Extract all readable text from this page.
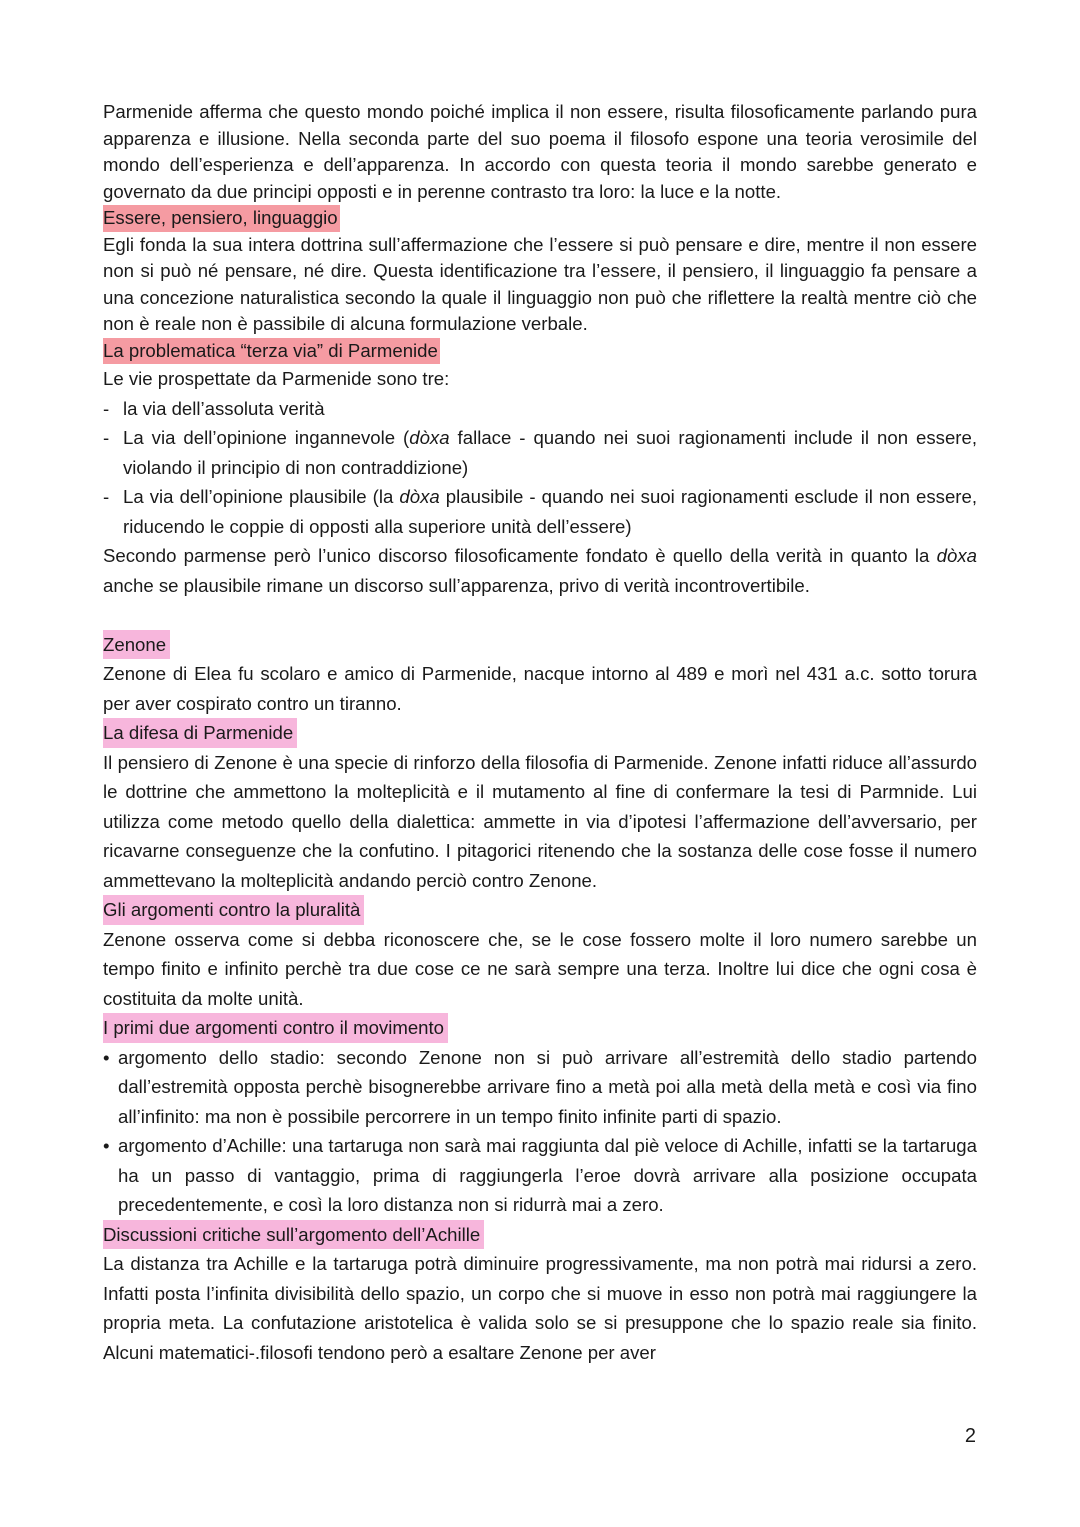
Parmenide afferma che questo mondo poiché implica il non essere, risulta filosoficamente parlando pura apparenza e illusione. Nella seconda parte del suo poema il filosofo espone una teoria verosimile del mondo dell’esperienza e dell’apparenza. In accordo con questa teoria il mondo sarebbe generato e governato da due principi opposti e in perenne contrasto tra loro: la luce e la notte.

Essere, pensiero, linguaggio

Egli fonda la sua intera dottrina sull’affermazione che l’essere si può pensare e dire, mentre il non essere non si può né pensare, né dire. Questa identificazione tra l’essere, il pensiero, il linguaggio fa pensare a una concezione naturalistica secondo la quale il linguaggio non può che riflettere la realtà mentre ciò che non è reale non è passibile di alcuna formulazione verbale.

La problematica “terza via” di Parmenide

Le vie prospettate da Parmenide sono tre:

- la via dell’assoluta verità
- La via dell’opinione ingannevole (dòxa fallace - quando nei suoi ragionamenti include il non essere, violando il principio di non contraddizione)
- La via dell’opinione plausibile (la dòxa plausibile - quando nei suoi ragionamenti esclude il non essere, riducendo le coppie di opposti alla superiore unità dell’essere)

Secondo parmense però l’unico discorso filosoficamente fondato è quello della verità in quanto la dòxa anche se plausibile rimane un discorso sull’apparenza, privo di verità incontrovertibile.

Zenone

Zenone di Elea fu scolaro e amico di Parmenide, nacque intorno al 489 e morì nel 431 a.c. sotto torura per aver cospirato contro un tiranno.

La difesa di Parmenide

Il pensiero di Zenone è una specie di rinforzo della filosofia di Parmenide. Zenone infatti riduce all’assurdo le dottrine che ammettono la molteplicità e il mutamento al fine di confermare la tesi di Parmnide. Lui utilizza come metodo quello della dialettica: ammette in via d’ipotesi l’affermazione dell’avversario, per ricavarne conseguenze che la confutino. I pitagorici ritenendo che la sostanza delle cose fosse il numero ammettevano la molteplicità andando perciò contro Zenone.

Gli argomenti contro la pluralità

Zenone osserva come si debba riconoscere che, se le cose fossero molte il loro numero sarebbe un tempo finito e infinito perchè tra due cose ce ne sarà sempre una terza. Inoltre lui dice che ogni cosa è costituita da molte unità.

I primi due argomenti contro il movimento
• argomento dello stadio: secondo Zenone non si può arrivare all’estremità dello stadio partendo dall’estremità opposta perchè bisognerebbe arrivare fino a metà poi alla metà della metà e così via fino all’infinito: ma non è possibile percorrere in un tempo finito infinite parti di spazio.
• argomento d’Achille: una tartaruga non sarà mai raggiunta dal piè veloce di Achille, infatti se la tartaruga ha un passo di vantaggio, prima di raggiungerla l’eroe dovrà arrivare alla posizione occupata precedentemente, e così la loro distanza non si ridurrà mai a zero.
Discussioni critiche sull’argomento dell’Achille

La distanza tra Achille e la tartaruga potrà diminuire progressivamente, ma non potrà mai ridursi a zero. Infatti posta l’infinita divisibilità dello spazio, un corpo che si muove in esso non potrà mai raggiungere la propria meta. La confutazione aristotelica è valida solo se si presuppone che lo spazio reale sia finito. Alcuni matematici-.filosofi tendono però a esaltare Zenone per aver

2
